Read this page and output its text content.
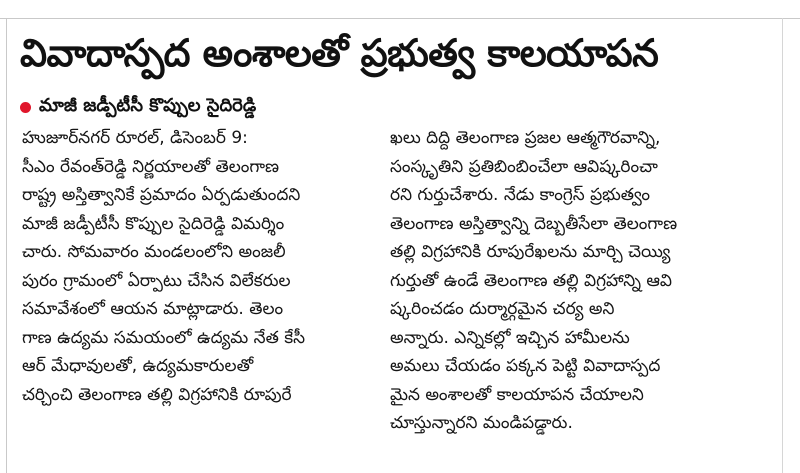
వివాదాస్పద అంశాలతో ప్రభుత్వ కాలయాపన
మాజీ జడ్పీటీసీ కొప్పుల సైదిరెడ్డి
హుజూర్‌నగర్ రూరల్, డిసెంబర్ 9:
సీఎం రేవంత్‌రెడ్డి నిర్ణయాలతో తెలంగాణ
రాష్ట్ర అస్తిత్వానికే ప్రమాదం ఏర్పడుతుందని
మాజీ జడ్పీటీసీ కొప్పుల సైదిరెడ్డి విమర్శిం
చారు. సోమవారం మండలంలోని అంజలీ
పురం గ్రామంలో ఏర్పాటు చేసిన విలేకరుల
సమావేశంలో ఆయన మాట్లాడారు. తెలం
గాణ ఉద్యమ సమయంలో ఉద్యమ నేత కేసీ
ఆర్ మేధావులతో, ఉద్యమకారులతో
చర్చించి తెలంగాణ తల్లి విగ్రహానికి రూపురే
ఖలు దిద్ది తెలంగాణ ప్రజల ఆత్మగౌరవాన్ని,
సంస్కృతిని ప్రతిబింబించేలా ఆవిష్కరించా
రని గుర్తుచేశారు. నేడు కాంగ్రెస్ ప్రభుత్వం
తెలంగాణ అస్తిత్వాన్ని దెబ్బతీసేలా తెలంగాణ
తల్లి విగ్రహానికి రూపురేఖలను మార్చి చెయ్యి
గుర్తుతో ఉండే తెలంగాణ తల్లి విగ్రహాన్ని ఆవి
ష్కరించడం దుర్మార్గమైన చర్య అని
అన్నారు. ఎన్నికల్లో ఇచ్చిన హామీలను
అమలు చేయడం పక్కన పెట్టి వివాదాస్పద
మైన అంశాలతో కాలయాపన చేయాలని
చూస్తున్నారని మండిపడ్డారు.
